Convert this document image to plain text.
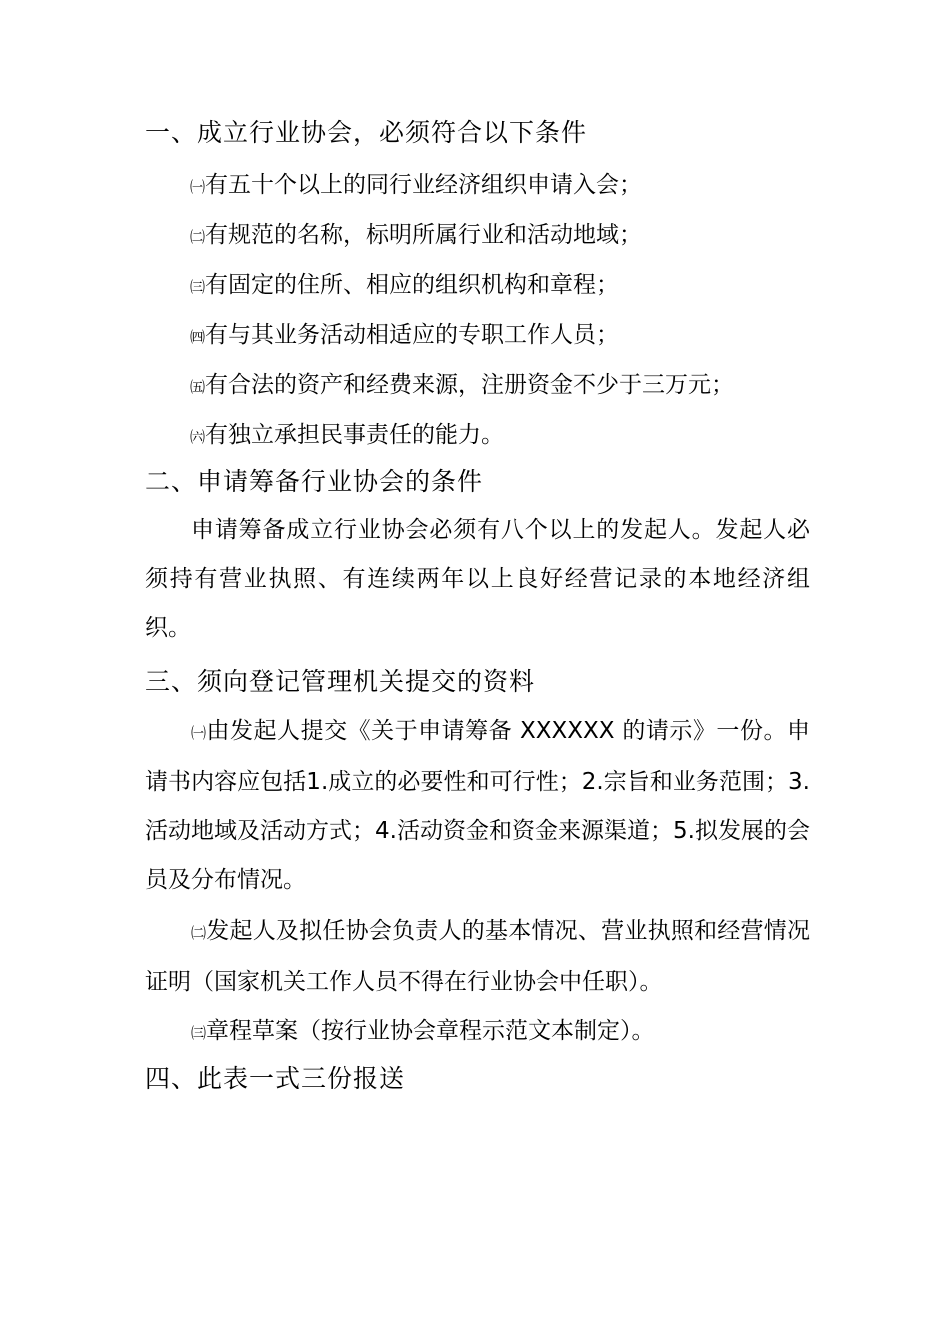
一、成立行业协会，必须符合以下条件
㈠有五十个以上的同行业经济组织申请入会；
㈡有规范的名称，标明所属行业和活动地域；
㈢有固定的住所、相应的组织机构和章程；
㈣有与其业务活动相适应的专职工作人员；
㈤有合法的资产和经费来源，注册资金不少于三万元；
㈥有独立承担民事责任的能力。
二、申请筹备行业协会的条件

申请筹备成立行业协会必须有八个以上的发起人。发起人必须持有营业执照、有连续两年以上良好经营记录的本地经济组织。

三、须向登记管理机关提交的资料

㈠由发起人提交《关于申请筹备 XXXXXX 的请示》一份。申请书内容应包括1.成立的必要性和可行性；2.宗旨和业务范围；3.活动地域及活动方式；4.活动资金和资金来源渠道；5.拟发展的会员及分布情况。

㈡发起人及拟任协会负责人的基本情况、营业执照和经营情况证明（国家机关工作人员不得在行业协会中任职）。

㈢章程草案（按行业协会章程示范文本制定）。

四、此表一式三份报送
